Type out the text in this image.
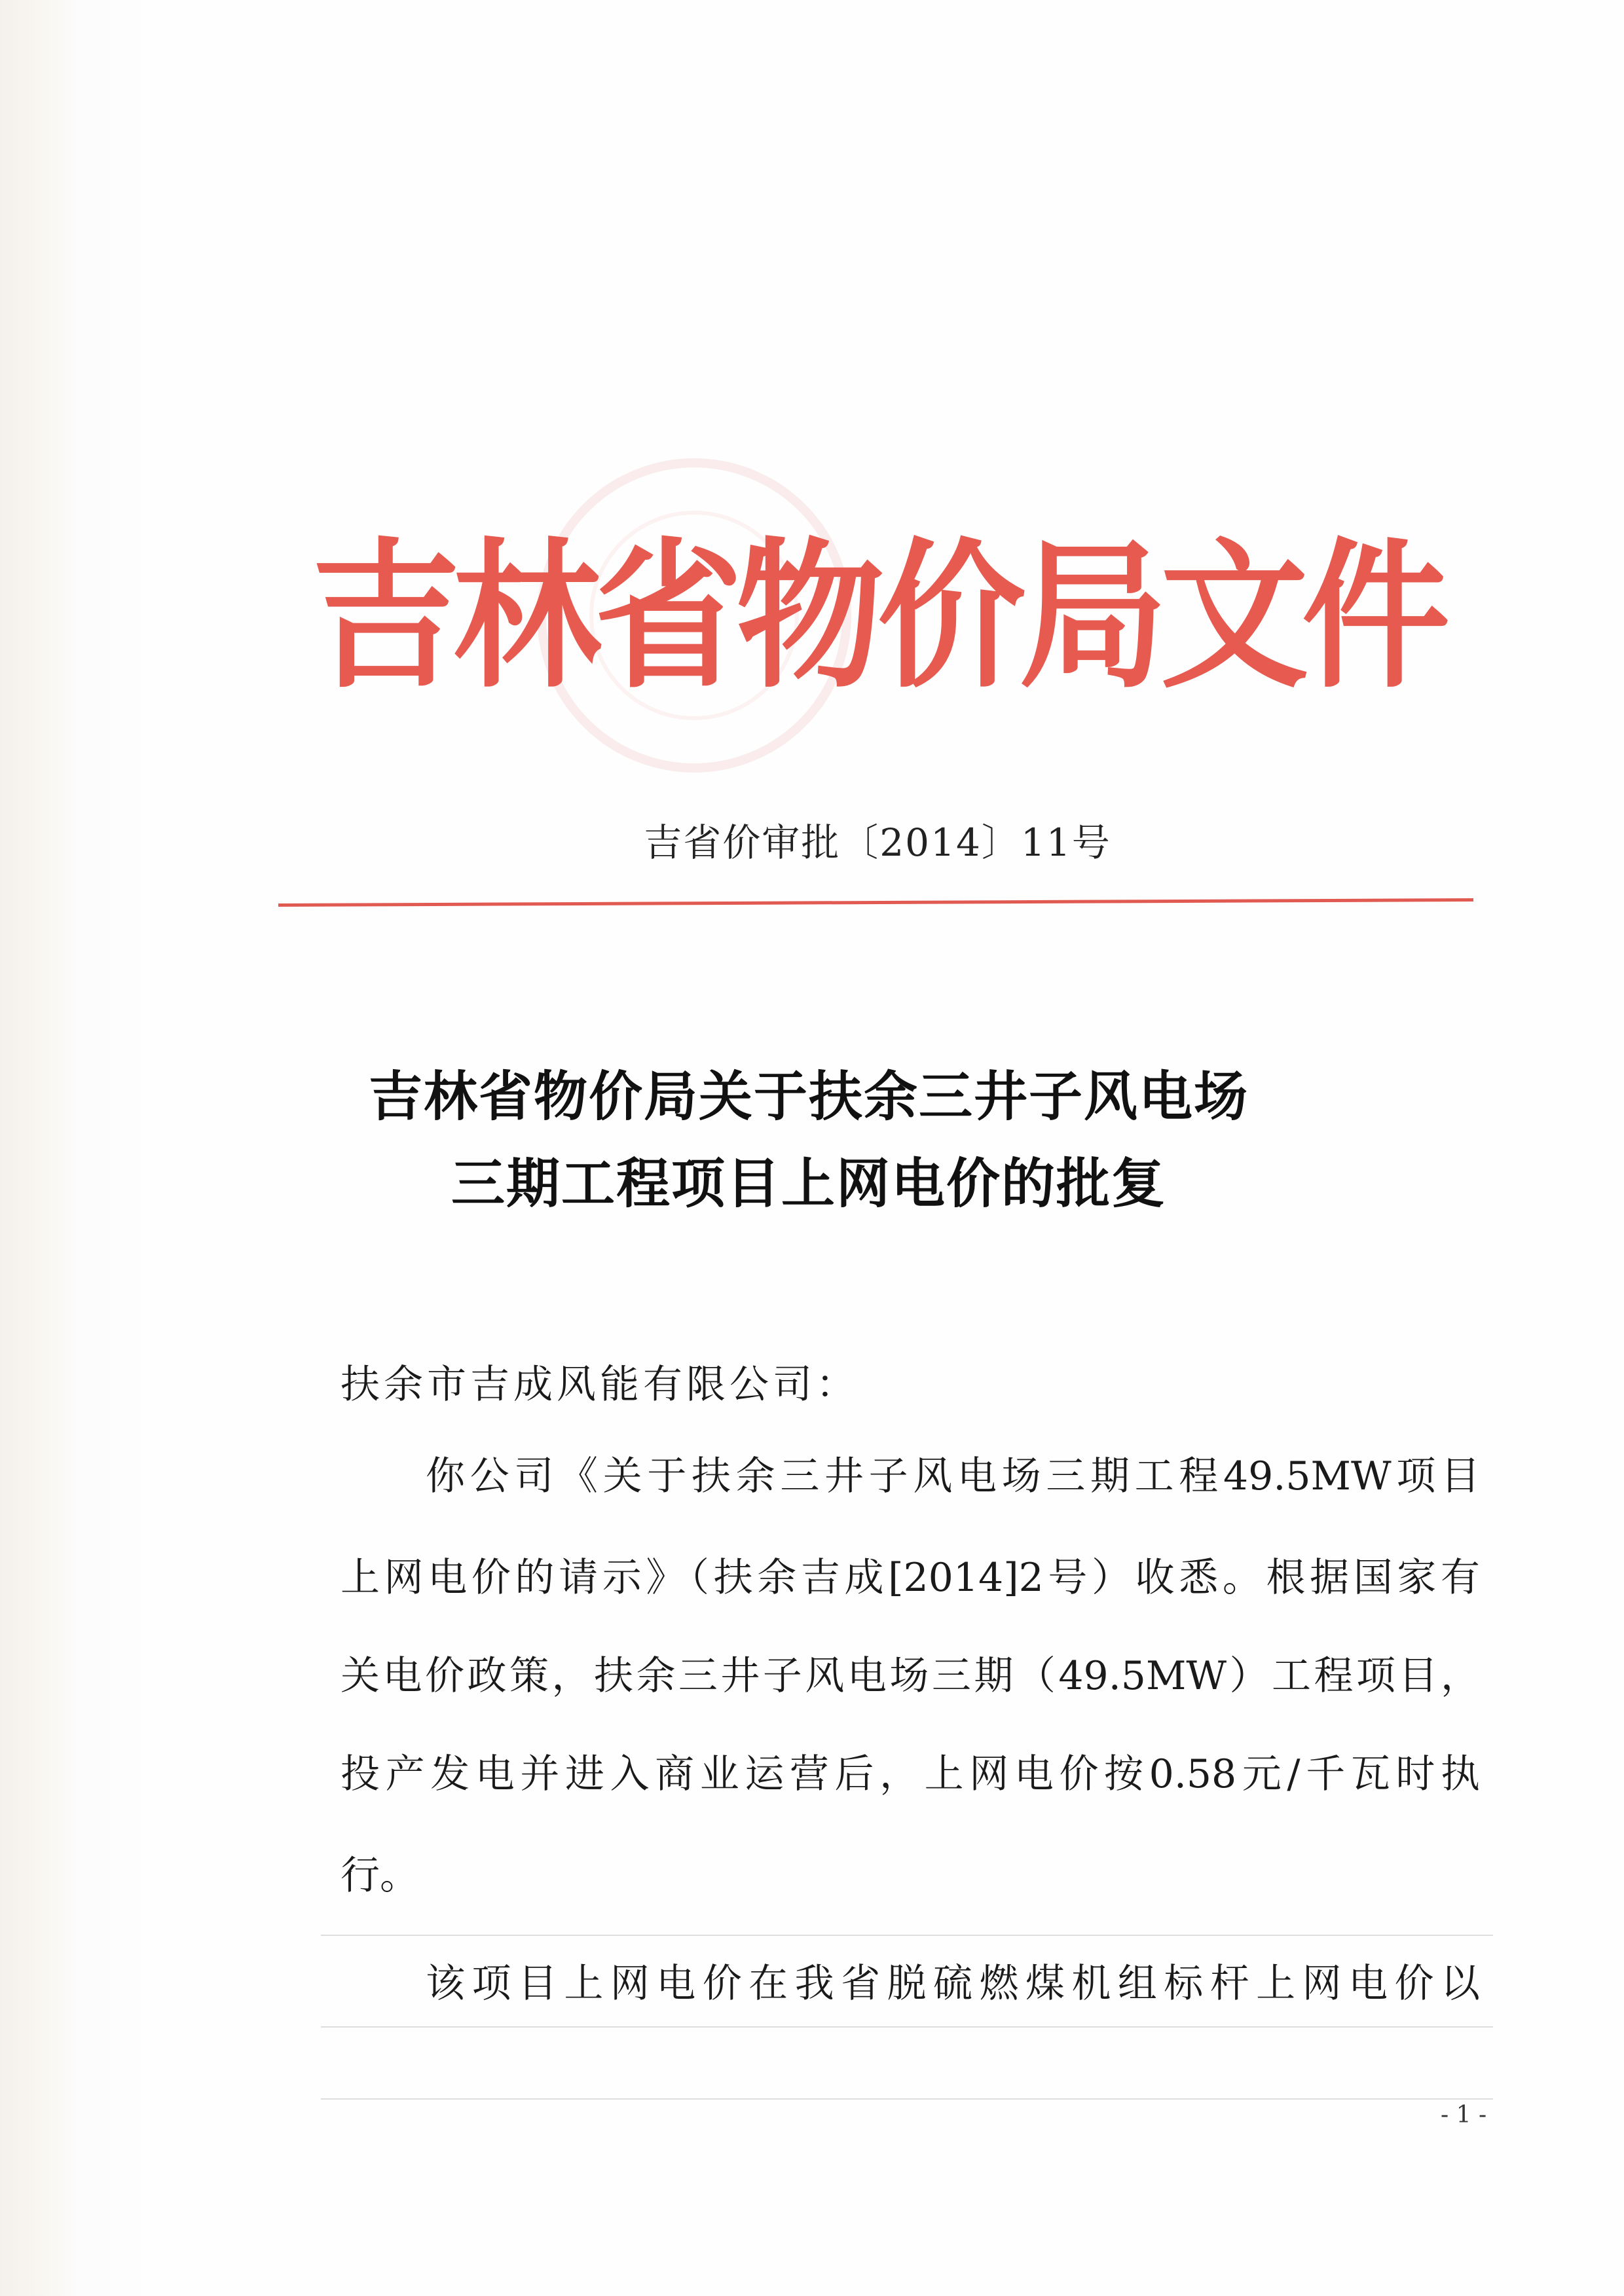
吉林省物价局文件
吉省价审批〔2014〕11号
吉林省物价局关于扶余三井子风电场
三期工程项目上网电价的批复
扶余市吉成风能有限公司：
你公司《关于扶余三井子风电场三期工程49.5MW项目
上网电价的请示》（扶余吉成[2014]2号）收悉。根据国家有
关电价政策，扶余三井子风电场三期（49.5MW）工程项目，
投产发电并进入商业运营后，上网电价按0.58元/千瓦时执
行。
该项目上网电价在我省脱硫燃煤机组标杆上网电价以
- 1 -
